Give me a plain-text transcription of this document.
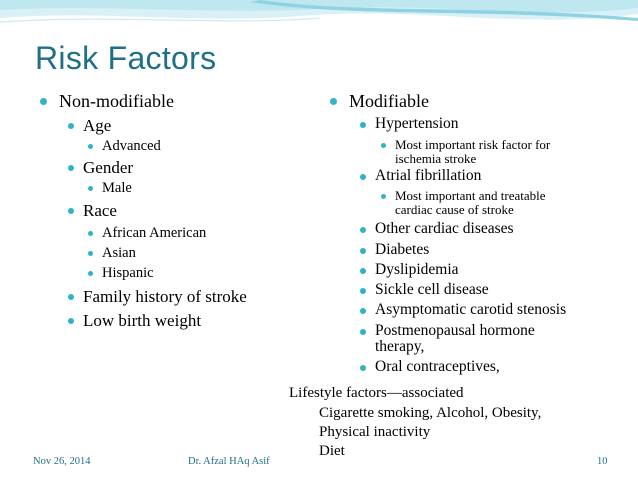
Risk Factors
Non-modifiable
Age
Advanced
Gender
Male
Race
African American
Asian
Hispanic
Family history of stroke
Low birth weight
Modifiable
Hypertension
Most important risk factor for
ischemia stroke
Atrial fibrillation
Most important and treatable
cardiac cause of stroke
Other cardiac diseases
Diabetes
Dyslipidemia
Sickle cell disease
Asymptomatic carotid stenosis
Postmenopausal hormone
therapy,
Oral contraceptives,
Lifestyle factors—associated
Cigarette smoking, Alcohol, Obesity,
Physical inactivity
Diet
Nov 26, 2014	Dr. Afzal HAq Asif	10
